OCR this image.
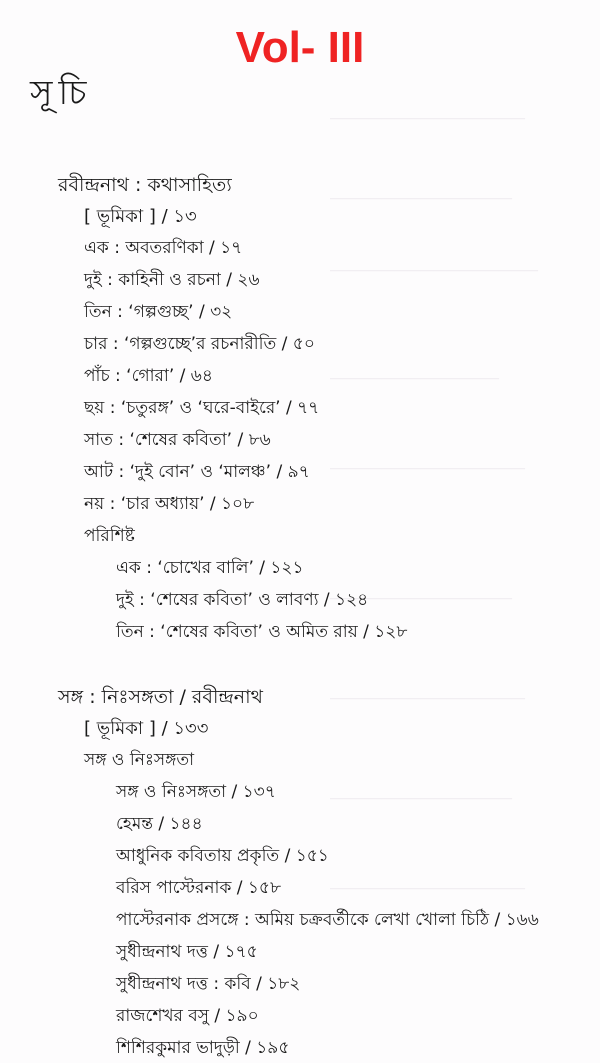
―――――――――――――――
――――――――――――――
――――――――――――――――
―――――――――――――
―――――――――――――――
――――――――――――――
―――――――――――――――
――――――――――――――
―――――――――――――――
Vol- III
সূচি
রবীন্দ্রনাথ : কথাসাহিত্য
[ ভূমিকা ] / ১৩
এক : অবতরণিকা / ১৭
দুই : কাহিনী ও রচনা / ২৬
তিন : ‘গল্পগুচ্ছ’ / ৩২
চার : ‘গল্পগুচ্ছে’র রচনারীতি / ৫০
পাঁচ : ‘গোরা’ / ৬৪
ছয় : ‘চতুরঙ্গ’ ও ‘ঘরে-বাইরে’ / ৭৭
সাত : ‘শেষের কবিতা’ / ৮৬
আট : ‘দুই বোন’ ও ‘মালঞ্চ’ / ৯৭
নয় : ‘চার অধ্যায়’ / ১০৮
পরিশিষ্ট
এক : ‘চোখের বালি’ / ১২১
দুই : ‘শেষের কবিতা’ ও লাবণ্য / ১২৪
তিন : ‘শেষের কবিতা’ ও অমিত রায় / ১২৮
সঙ্গ : নিঃসঙ্গতা / রবীন্দ্রনাথ
[ ভূমিকা ] / ১৩৩
সঙ্গ ও নিঃসঙ্গতা
সঙ্গ ও নিঃসঙ্গতা / ১৩৭
হেমন্ত / ১৪৪
আধুনিক কবিতায় প্রকৃতি / ১৫১
বরিস পাস্টেরনাক / ১৫৮
পাস্টেরনাক প্রসঙ্গে : অমিয় চক্রবর্তীকে লেখা খোলা চিঠি / ১৬৬
সুধীন্দ্রনাথ দত্ত / ১৭৫
সুধীন্দ্রনাথ দত্ত : কবি / ১৮২
রাজশেখর বসু / ১৯০
শিশিরকুমার ভাদুড়ী / ১৯৫
